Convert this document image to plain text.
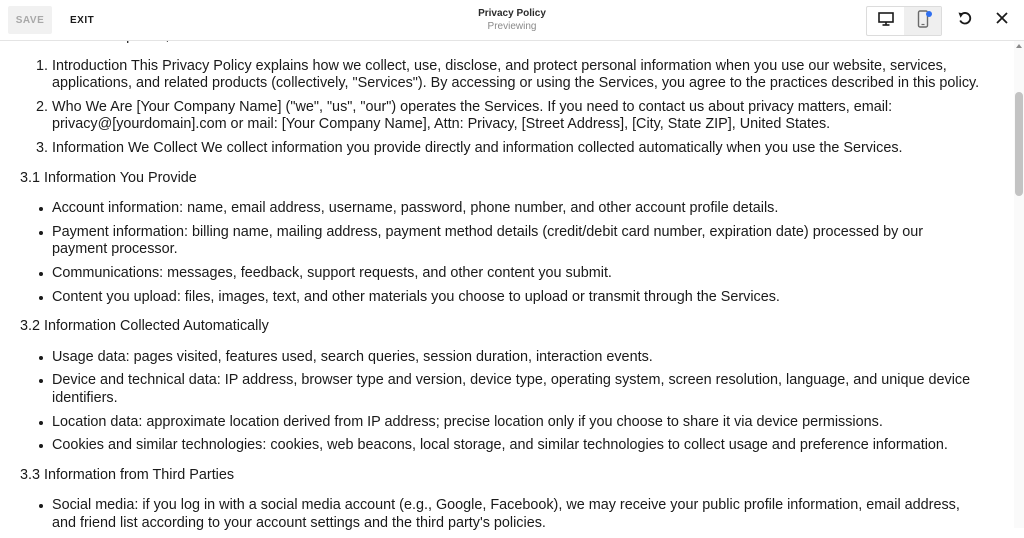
SAVE	EXIT
Privacy Policy
Previewing

1. Introduction This Privacy Policy explains how we collect, use, disclose, and protect personal information when you use our website, services, applications, and related products (collectively, "Services"). By accessing or using the Services, you agree to the practices described in this policy.
2. Who We Are [Your Company Name] ("we", "us", "our") operates the Services. If you need to contact us about privacy matters, email: privacy@[yourdomain].com or mail: [Your Company Name], Attn: Privacy, [Street Address], [City, State ZIP], United States.
3. Information We Collect We collect information you provide directly and information collected automatically when you use the Services.
3.1 Information You Provide
Account information: name, email address, username, password, phone number, and other account profile details.
Payment information: billing name, mailing address, payment method details (credit/debit card number, expiration date) processed by our payment processor.
Communications: messages, feedback, support requests, and other content you submit.
Content you upload: files, images, text, and other materials you choose to upload or transmit through the Services.
3.2 Information Collected Automatically
Usage data: pages visited, features used, search queries, session duration, interaction events.
Device and technical data: IP address, browser type and version, device type, operating system, screen resolution, language, and unique device identifiers.
Location data: approximate location derived from IP address; precise location only if you choose to share it via device permissions.
Cookies and similar technologies: cookies, web beacons, local storage, and similar technologies to collect usage and preference information.
3.3 Information from Third Parties
Social media: if you log in with a social media account (e.g., Google, Facebook), we may receive your public profile information, email address, and friend list according to your account settings and the third party's policies.
